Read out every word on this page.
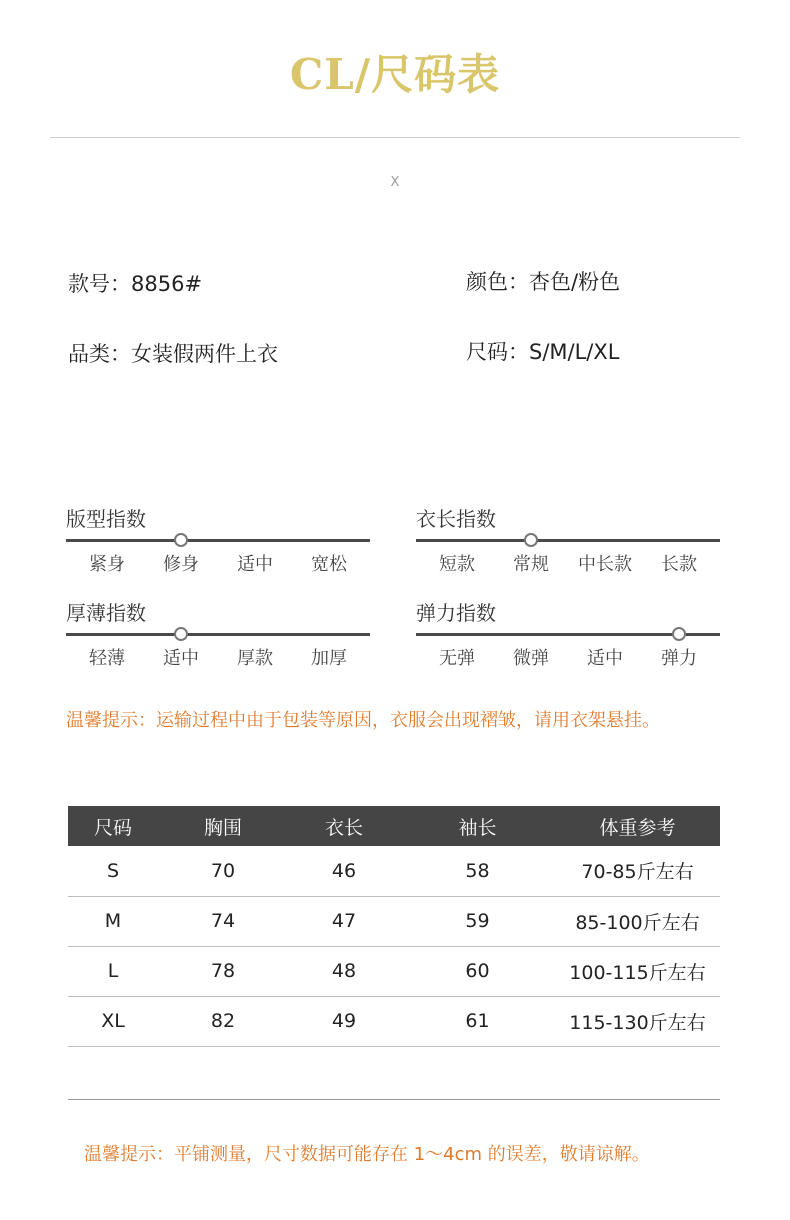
CL/尺码表
X
款号：8856#	颜色：杏色/粉色
品类：女装假两件上衣	尺码：S/M/L/XL
版型指数
紧身	修身	适中	宽松
衣长指数
短款	常规	中长款	长款
厚薄指数
轻薄	适中	厚款	加厚
弹力指数
无弹	微弹	适中	弹力
温馨提示：运输过程中由于包装等原因，衣服会出现褶皱，请用衣架悬挂。
尺码	胸围	衣长	袖长	体重参考
S	70	46	58	70-85斤左右
M	74	47	59	85-100斤左右
L	78	48	60	100-115斤左右
XL	82	49	61	115-130斤左右
温馨提示：平铺测量，尺寸数据可能存在 1～4cm 的误差，敬请谅解。
